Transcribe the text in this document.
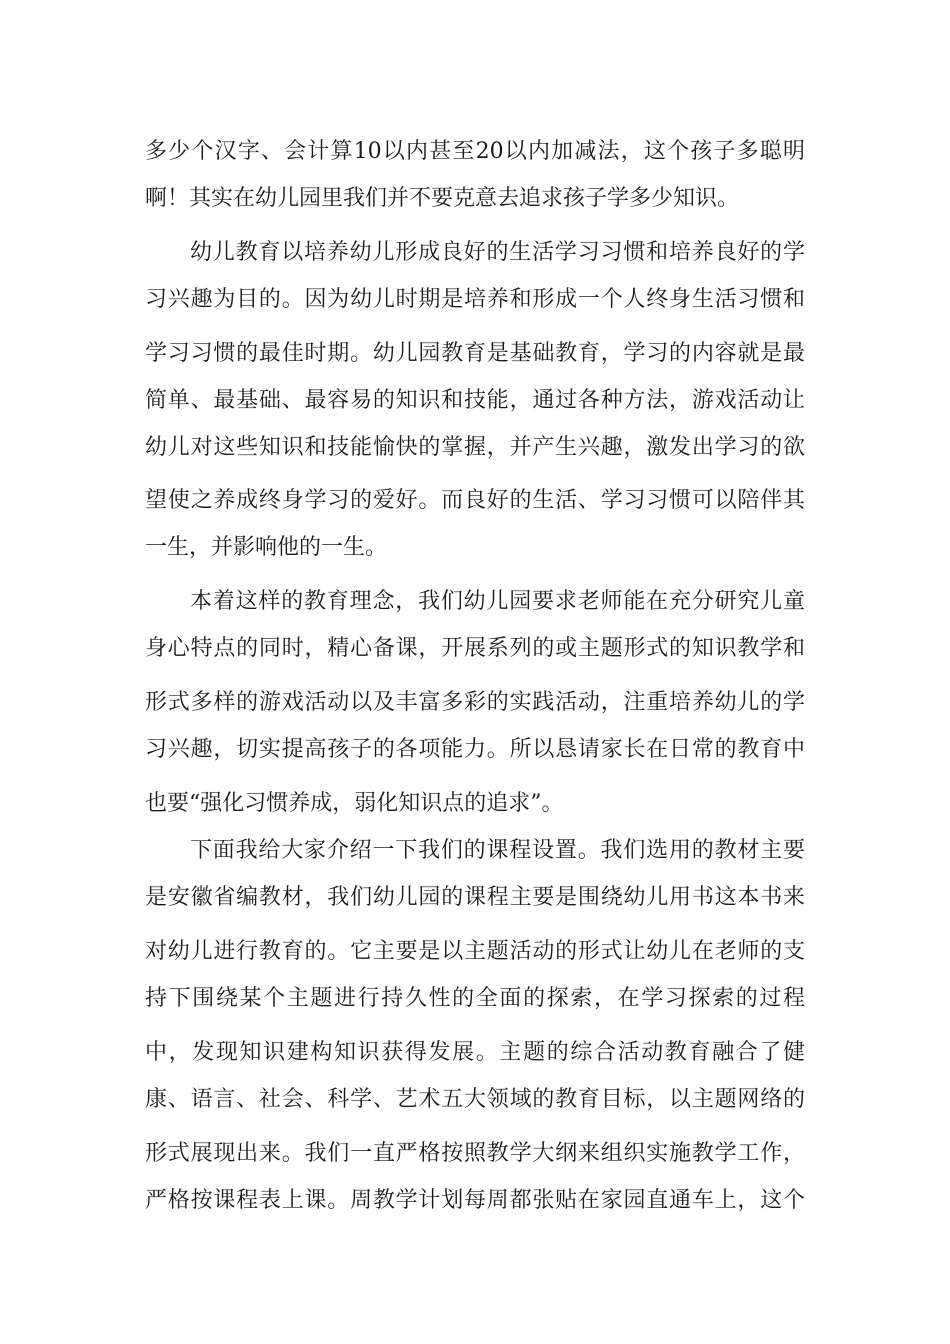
多少个汉字、会计算10以内甚至20以内加减法，这个孩子多聪明
啊！其实在幼儿园里我们并不要克意去追求孩子学多少知识。
幼儿教育以培养幼儿形成良好的生活学习习惯和培养良好的学
习兴趣为目的。因为幼儿时期是培养和形成一个人终身生活习惯和
学习习惯的最佳时期。幼儿园教育是基础教育，学习的内容就是最
简单、最基础、最容易的知识和技能，通过各种方法，游戏活动让
幼儿对这些知识和技能愉快的掌握，并产生兴趣，激发出学习的欲
望使之养成终身学习的爱好。而良好的生活、学习习惯可以陪伴其
一生，并影响他的一生。
本着这样的教育理念，我们幼儿园要求老师能在充分研究儿童
身心特点的同时，精心备课，开展系列的或主题形式的知识教学和
形式多样的游戏活动以及丰富多彩的实践活动，注重培养幼儿的学
习兴趣，切实提高孩子的各项能力。所以恳请家长在日常的教育中
也要“强化习惯养成，弱化知识点的追求”。
下面我给大家介绍一下我们的课程设置。我们选用的教材主要
是安徽省编教材，我们幼儿园的课程主要是围绕幼儿用书这本书来
对幼儿进行教育的。它主要是以主题活动的形式让幼儿在老师的支
持下围绕某个主题进行持久性的全面的探索，在学习探索的过程
中，发现知识建构知识获得发展。主题的综合活动教育融合了健
康、语言、社会、科学、艺术五大领域的教育目标，以主题网络的
形式展现出来。我们一直严格按照教学大纲来组织实施教学工作，
严格按课程表上课。周教学计划每周都张贴在家园直通车上，这个
